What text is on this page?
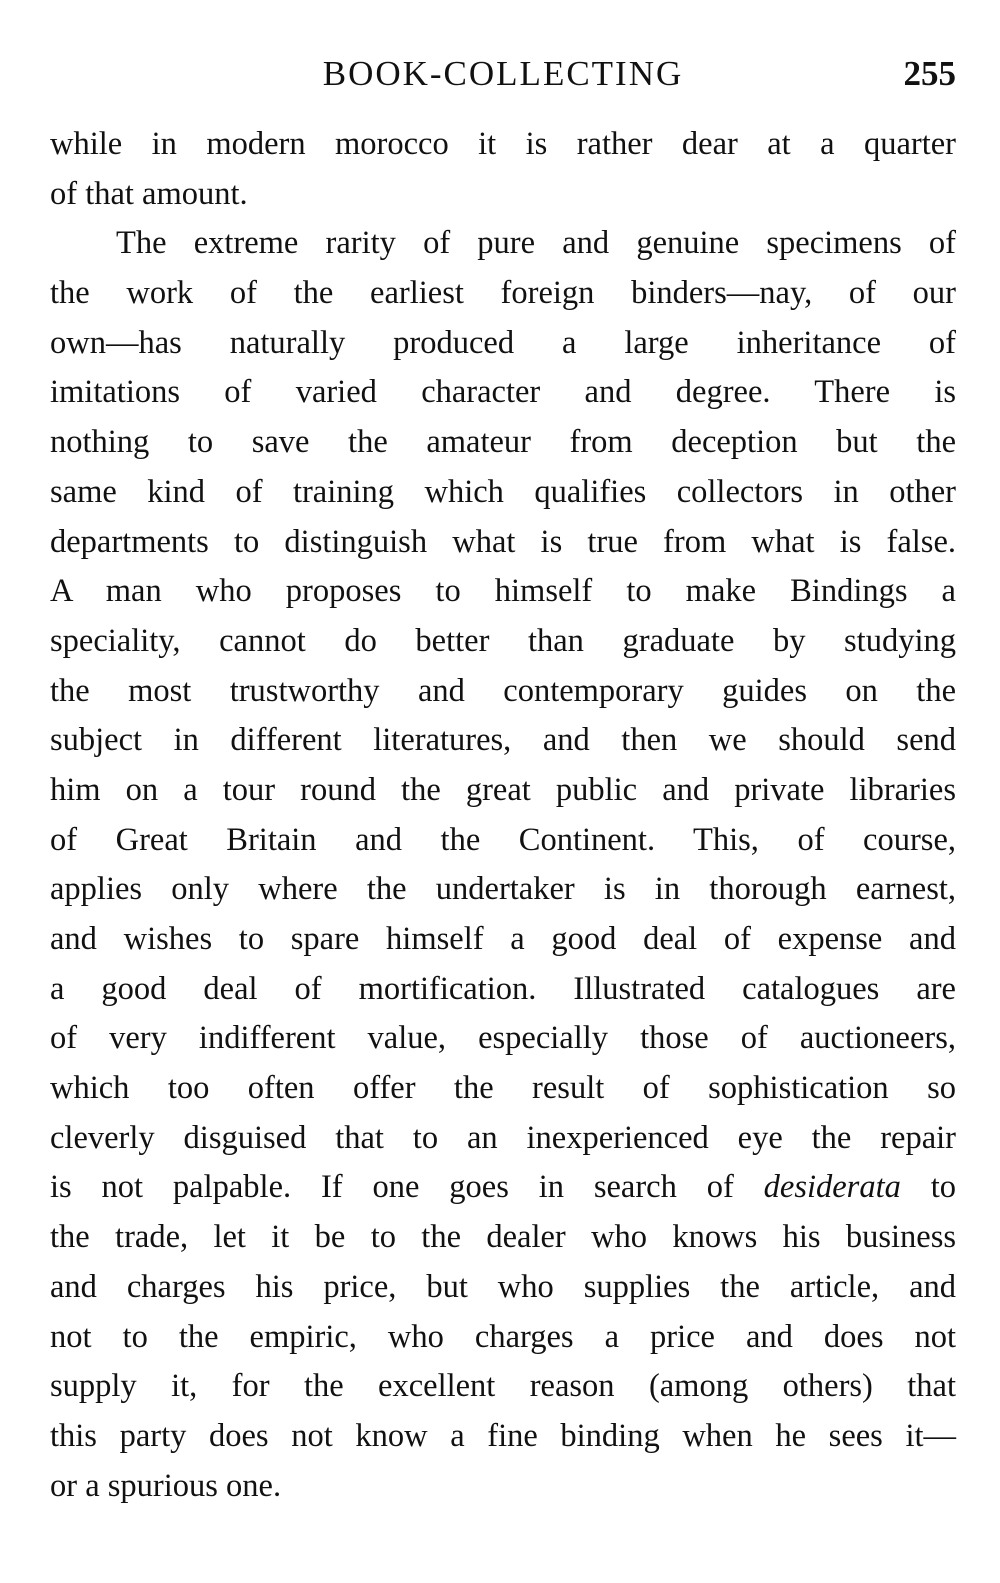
BOOK-COLLECTING	255

while in modern morocco it is rather dear at a quarter
of that amount.

The extreme rarity of pure and genuine specimens of
the work of the earliest foreign binders—nay, of our
own—has naturally produced a large inheritance of
imitations of varied character and degree. There is
nothing to save the amateur from deception but the
same kind of training which qualifies collectors in other
departments to distinguish what is true from what is false.
A man who proposes to himself to make Bindings a
speciality, cannot do better than graduate by studying
the most trustworthy and contemporary guides on the
subject in different literatures, and then we should send
him on a tour round the great public and private libraries
of Great Britain and the Continent. This, of course,
applies only where the undertaker is in thorough earnest,
and wishes to spare himself a good deal of expense and
a good deal of mortification. Illustrated catalogues are
of very indifferent value, especially those of auctioneers,
which too often offer the result of sophistication so
cleverly disguised that to an inexperienced eye the repair
is not palpable. If one goes in search of desiderata to
the trade, let it be to the dealer who knows his business
and charges his price, but who supplies the article, and
not to the empiric, who charges a price and does not
supply it, for the excellent reason (among others) that
this party does not know a fine binding when he sees it—
or a spurious one.
